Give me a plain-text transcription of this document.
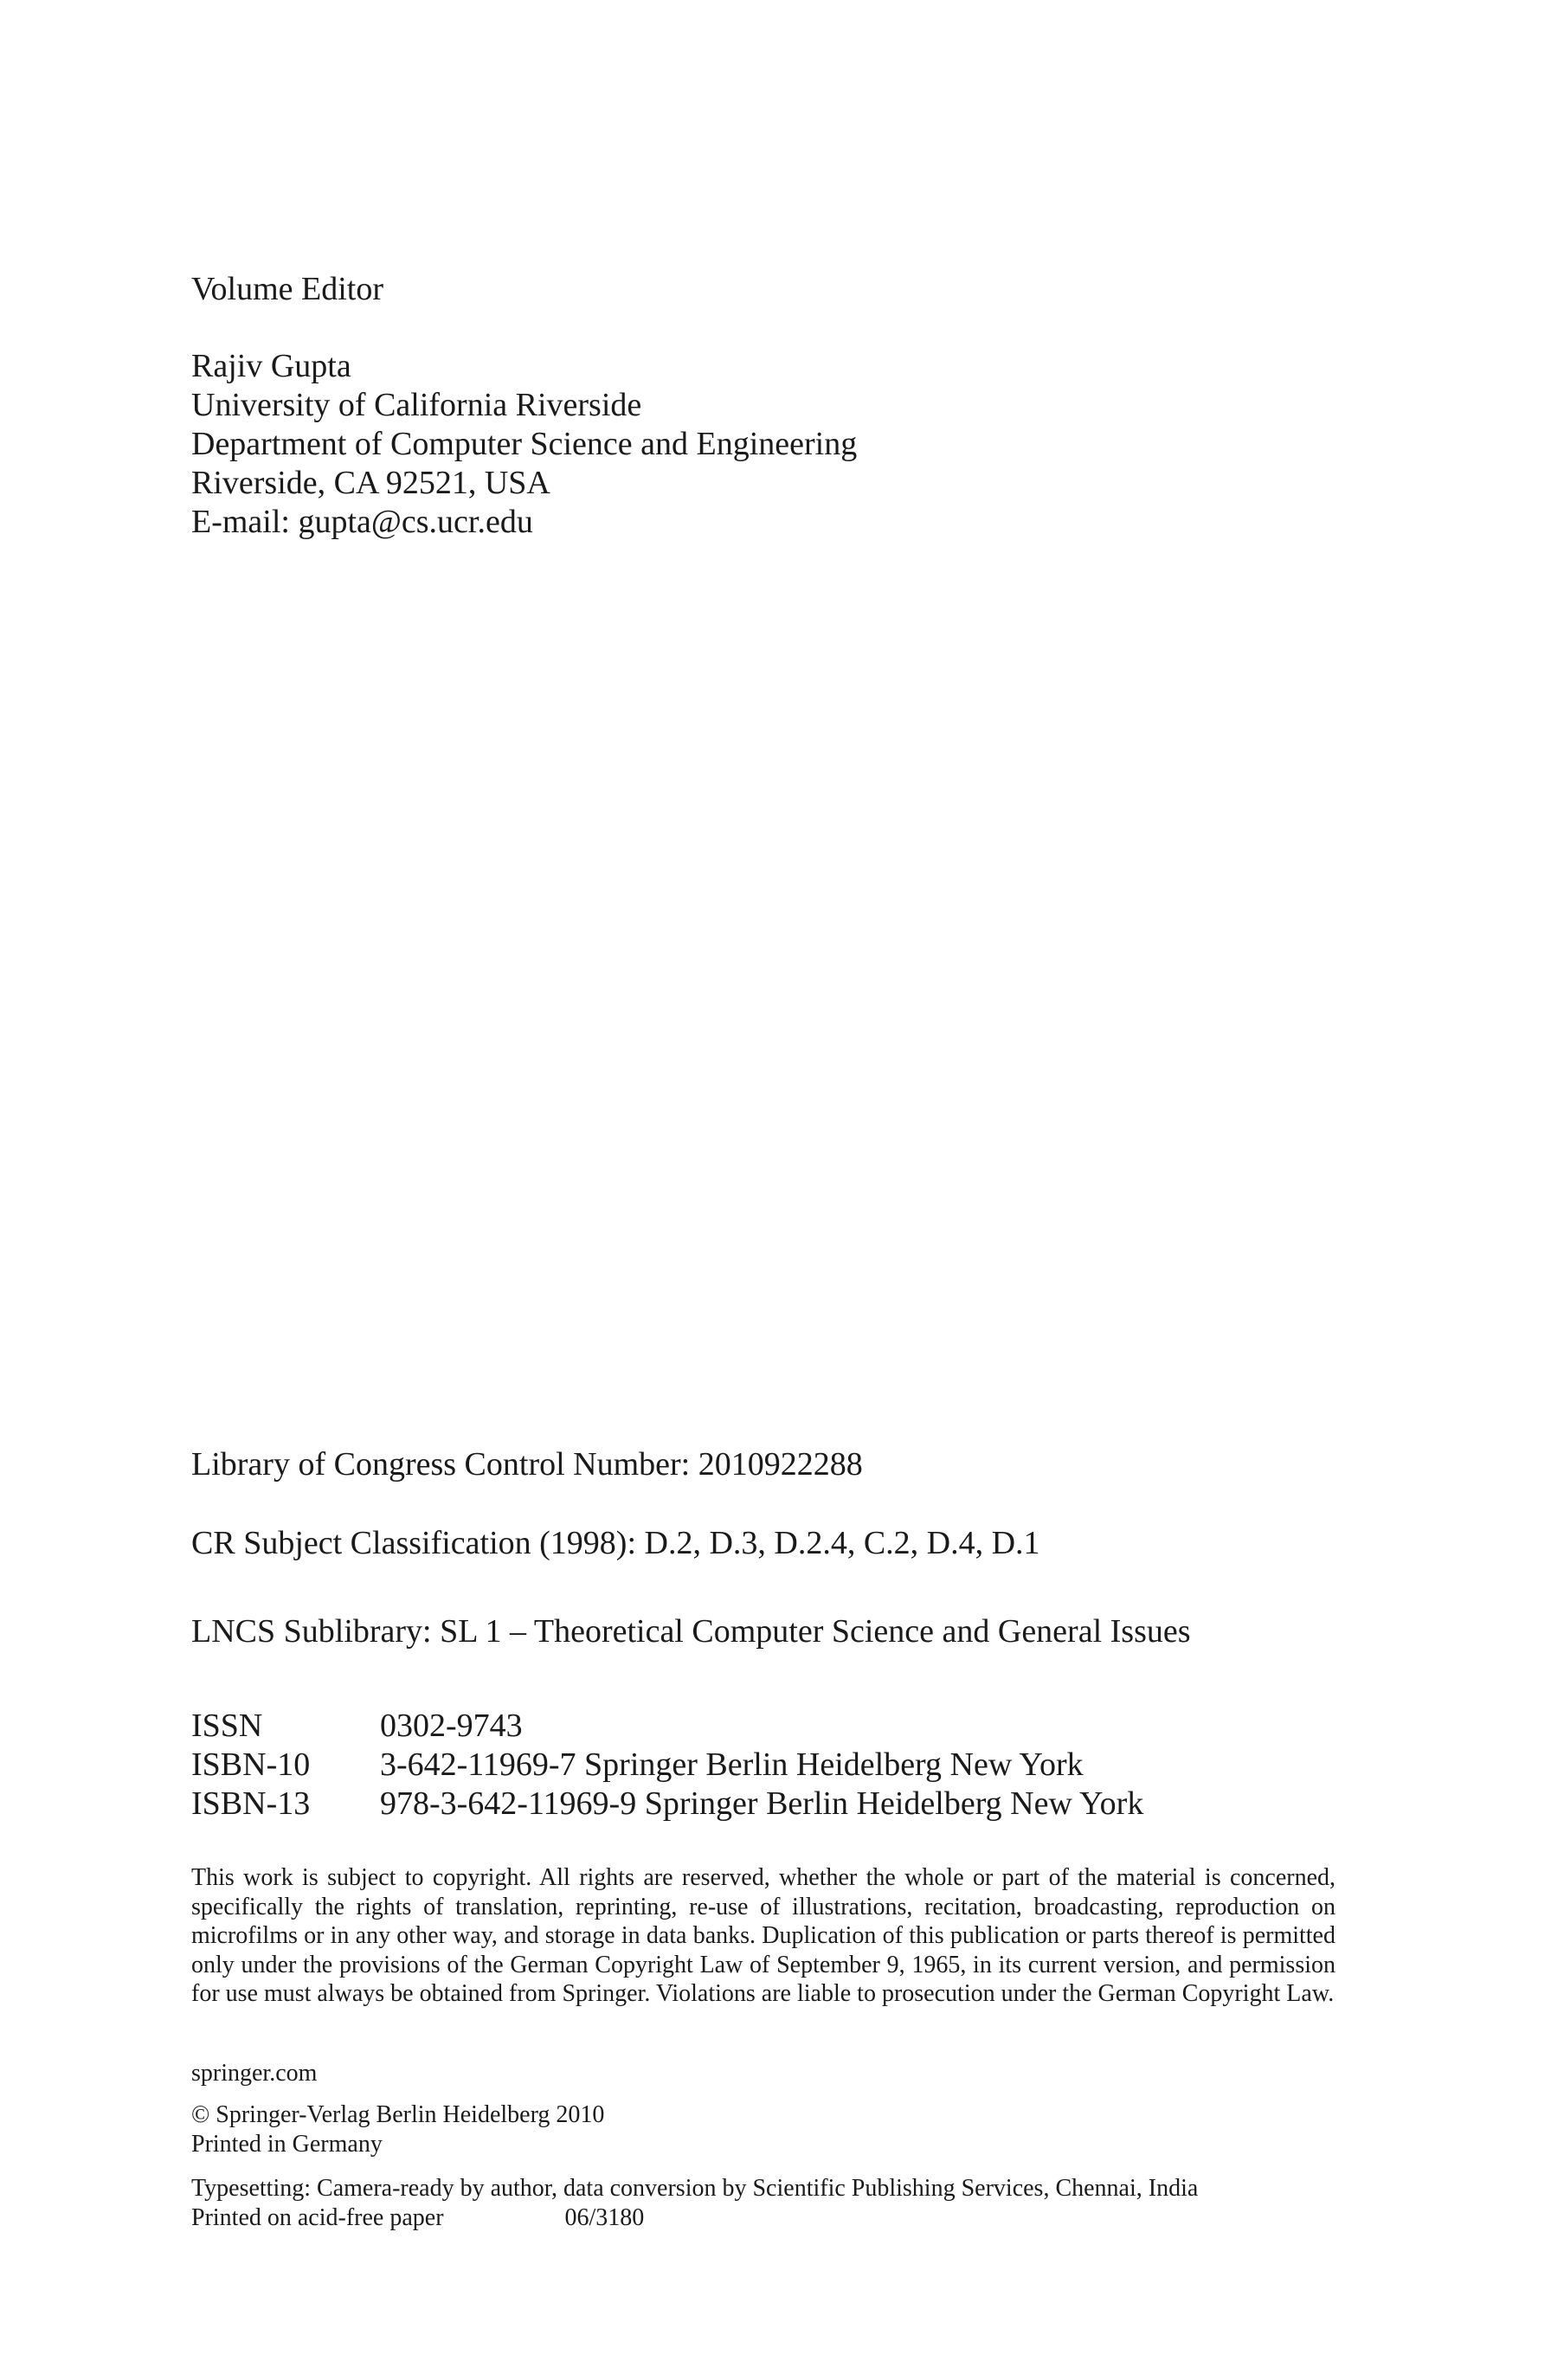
Volume Editor
Rajiv Gupta
University of California Riverside
Department of Computer Science and Engineering
Riverside, CA 92521, USA
E-mail: gupta@cs.ucr.edu
Library of Congress Control Number: 2010922288
CR Subject Classification (1998): D.2, D.3, D.2.4, C.2, D.4, D.1
LNCS Sublibrary: SL 1 – Theoretical Computer Science and General Issues
ISSN	0302-9743
ISBN-10 3-642-11969-7 Springer Berlin Heidelberg New York
ISBN-13 978-3-642-11969-9 Springer Berlin Heidelberg New York

This work is subject to copyright. All rights are reserved, whether the whole or part of the material is concerned, specifically the rights of translation, reprinting, re-use of illustrations, recitation, broadcasting, reproduction on microfilms or in any other way, and storage in data banks. Duplication of this publication or parts thereof is permitted only under the provisions of the German Copyright Law of September 9, 1965, in its current version, and permission for use must always be obtained from Springer. Violations are liable to prosecution under the German Copyright Law.

springer.com
© Springer-Verlag Berlin Heidelberg 2010
Printed in Germany
Typesetting: Camera-ready by author, data conversion by Scientific Publishing Services, Chennai, India
Printed on acid-free paper	06/3180
